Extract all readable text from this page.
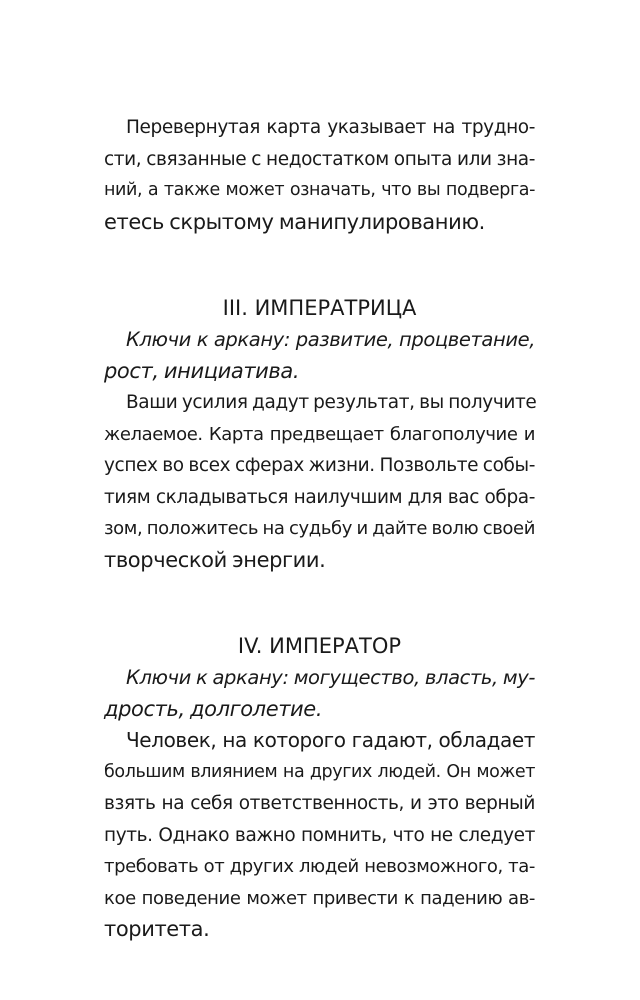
Перевернутая карта указывает на трудно-
сти, связанные с недостатком опыта или зна-
ний, а также может означать, что вы подверга-
етесь скрытому манипулированию.
III. ИМПЕРАТРИЦА
Ключи к аркану: развитие, процветание,
рост, инициатива.
Ваши усилия дадут результат, вы получите
желаемое. Карта предвещает благополучие и
успех во всех сферах жизни. Позвольте собы-
тиям складываться наилучшим для вас обра-
зом, положитесь на судьбу и дайте волю своей
творческой энергии.
IV. ИМПЕРАТОР
Ключи к аркану: могущество, власть, му-
дрость, долголетие.
Человек, на которого гадают, обладает
большим влиянием на других людей. Он может
взять на себя ответственность, и это верный
путь. Однако важно помнить, что не следует
требовать от других людей невозможного, та-
кое поведение может привести к падению ав-
торитета.
